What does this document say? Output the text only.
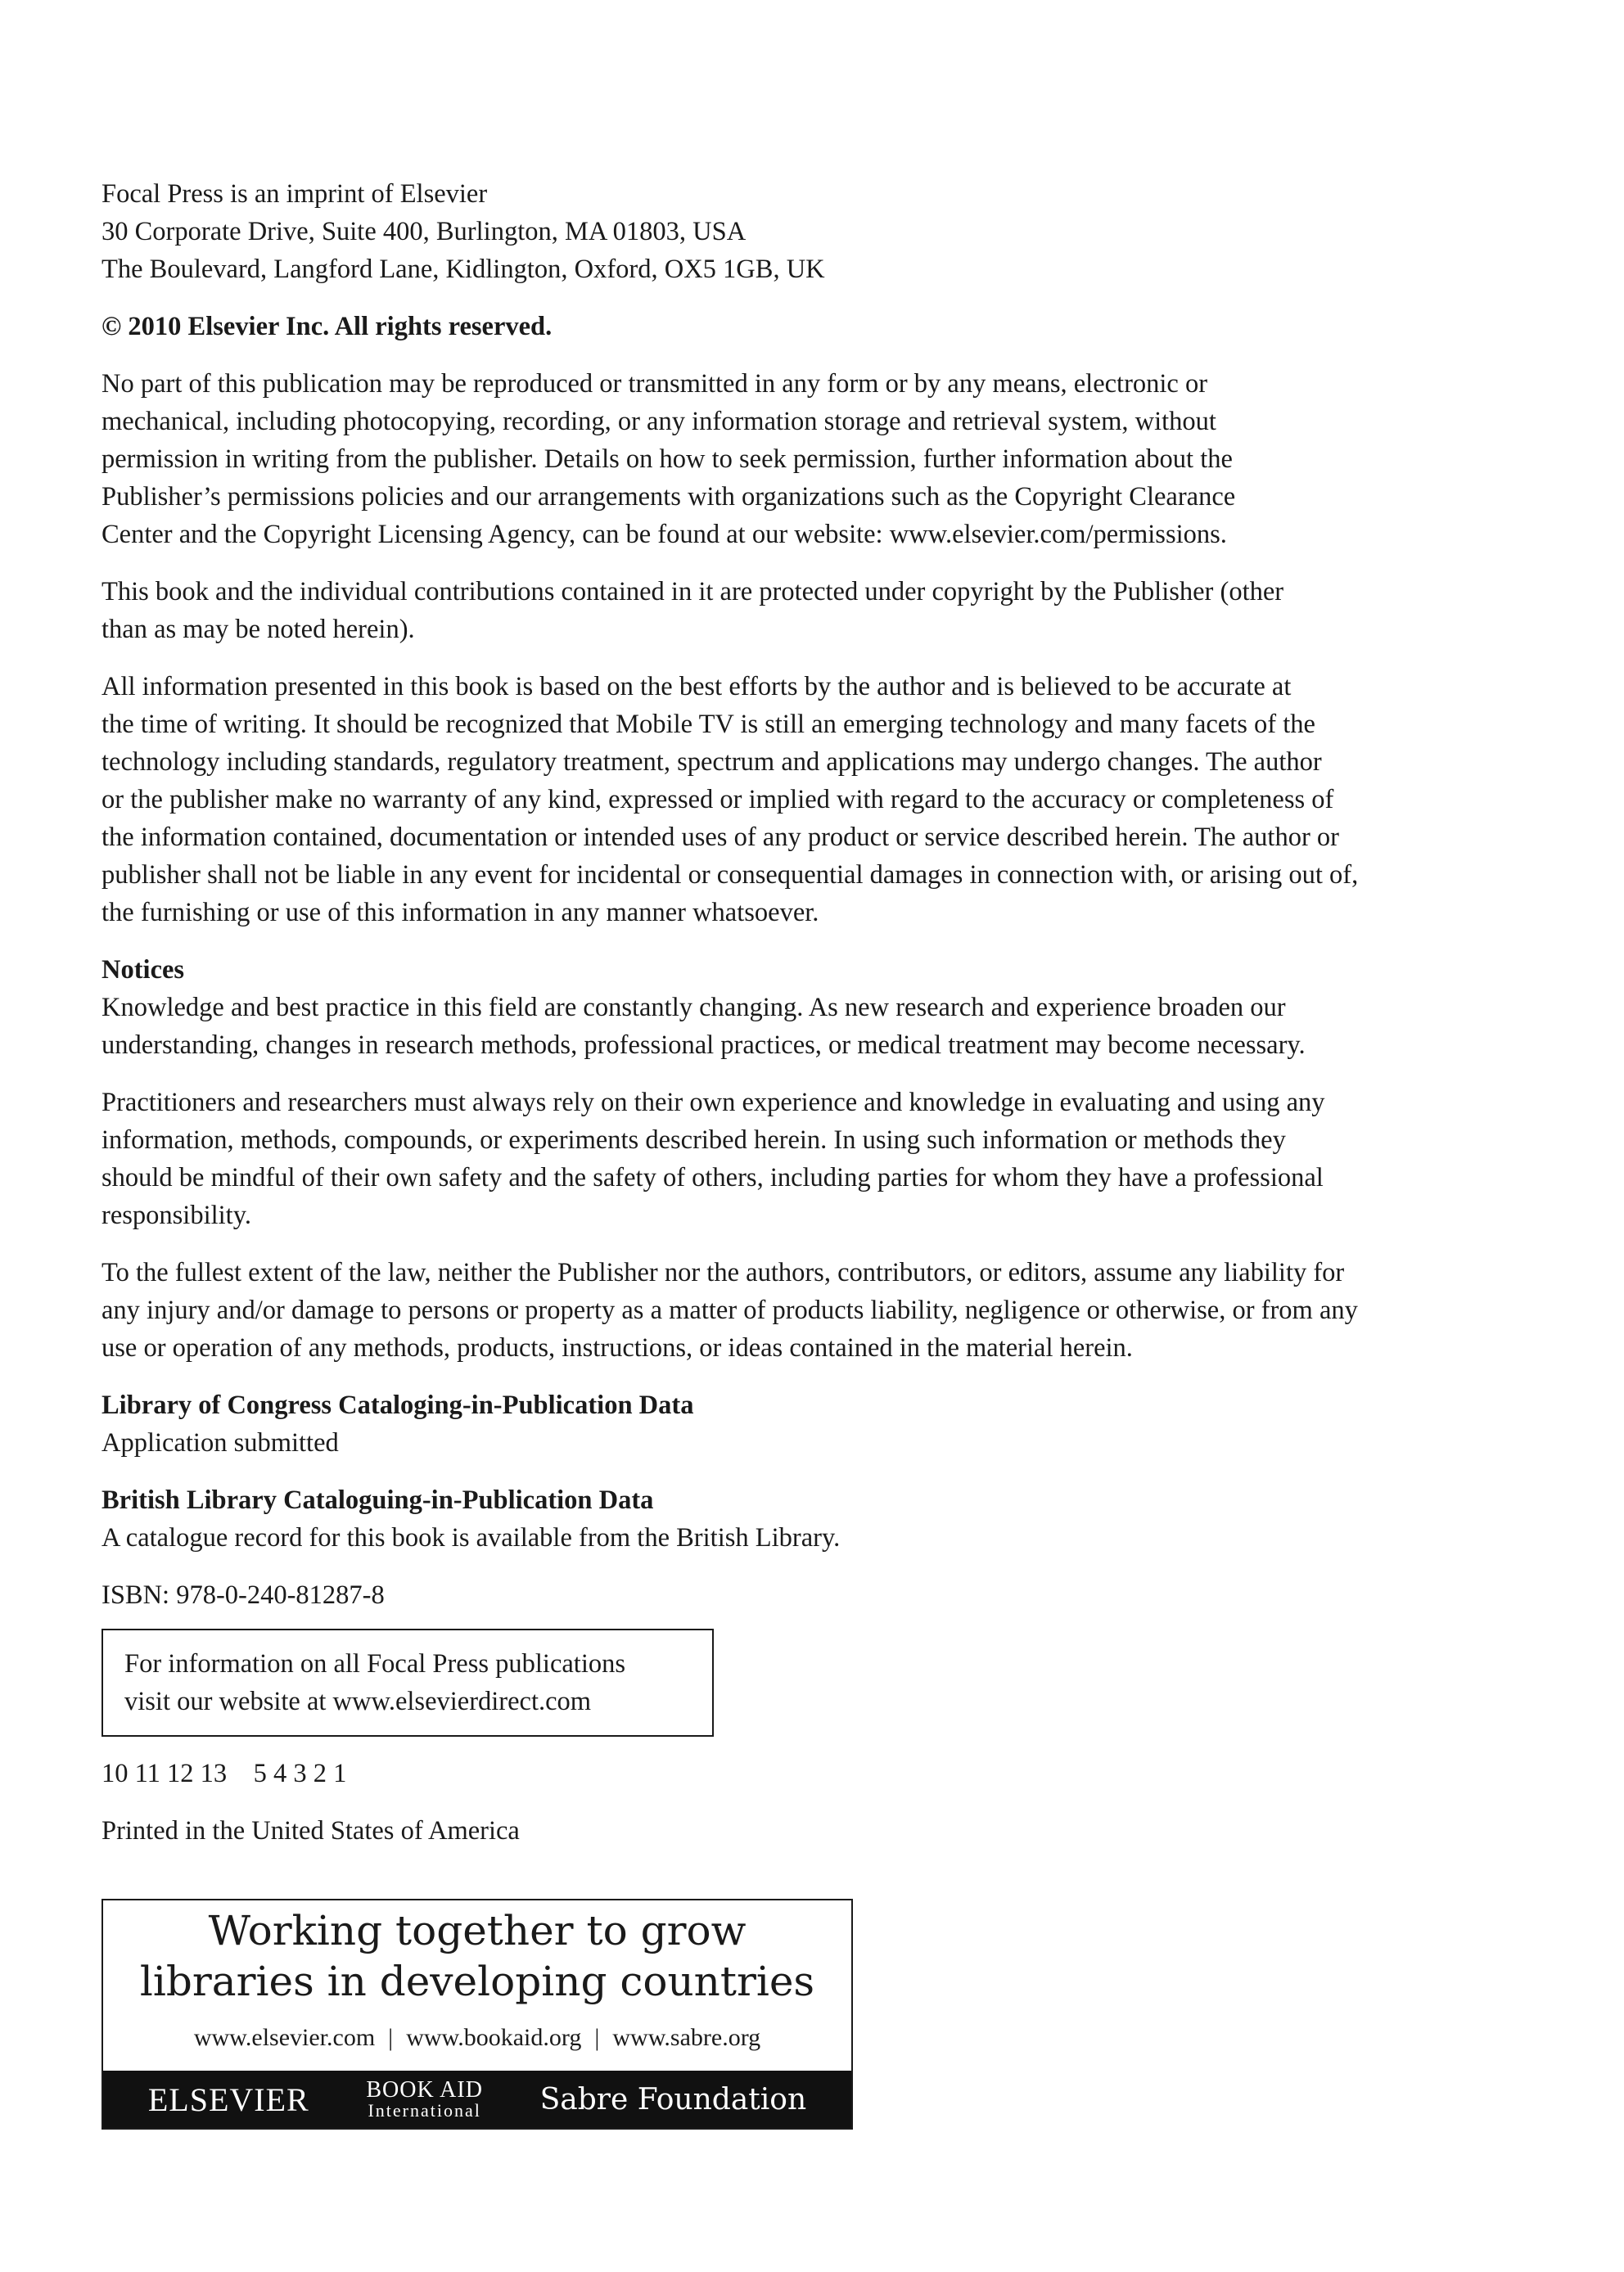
Focal Press is an imprint of Elsevier
30 Corporate Drive, Suite 400, Burlington, MA 01803, USA
The Boulevard, Langford Lane, Kidlington, Oxford, OX5 1GB, UK
© 2010 Elsevier Inc. All rights reserved.
No part of this publication may be reproduced or transmitted in any form or by any means, electronic or
mechanical, including photocopying, recording, or any information storage and retrieval system, without
permission in writing from the publisher. Details on how to seek permission, further information about the
Publisher’s permissions policies and our arrangements with organizations such as the Copyright Clearance
Center and the Copyright Licensing Agency, can be found at our website: www.elsevier.com/permissions.
This book and the individual contributions contained in it are protected under copyright by the Publisher (other
than as may be noted herein).
All information presented in this book is based on the best efforts by the author and is believed to be accurate at
the time of writing. It should be recognized that Mobile TV is still an emerging technology and many facets of the
technology including standards, regulatory treatment, spectrum and applications may undergo changes. The author
or the publisher make no warranty of any kind, expressed or implied with regard to the accuracy or completeness of
the information contained, documentation or intended uses of any product or service described herein. The author or
publisher shall not be liable in any event for incidental or consequential damages in connection with, or arising out of,
the furnishing or use of this information in any manner whatsoever.
Notices
Knowledge and best practice in this field are constantly changing. As new research and experience broaden our
understanding, changes in research methods, professional practices, or medical treatment may become necessary.
Practitioners and researchers must always rely on their own experience and knowledge in evaluating and using any
information, methods, compounds, or experiments described herein. In using such information or methods they
should be mindful of their own safety and the safety of others, including parties for whom they have a professional
responsibility.
To the fullest extent of the law, neither the Publisher nor the authors, contributors, or editors, assume any liability for
any injury and/or damage to persons or property as a matter of products liability, negligence or otherwise, or from any
use or operation of any methods, products, instructions, or ideas contained in the material herein.
Library of Congress Cataloging-in-Publication Data
Application submitted
British Library Cataloguing-in-Publication Data
A catalogue record for this book is available from the British Library.
ISBN: 978-0-240-81287-8
For information on all Focal Press publications
visit our website at www.elsevierdirect.com
10 11 12 13    5 4 3 2 1
Printed in the United States of America
Working together to grow
libraries in developing countries
www.elsevier.com | www.bookaid.org | www.sabre.org
ELSEVIER BOOK AID
International Sabre Foundation
